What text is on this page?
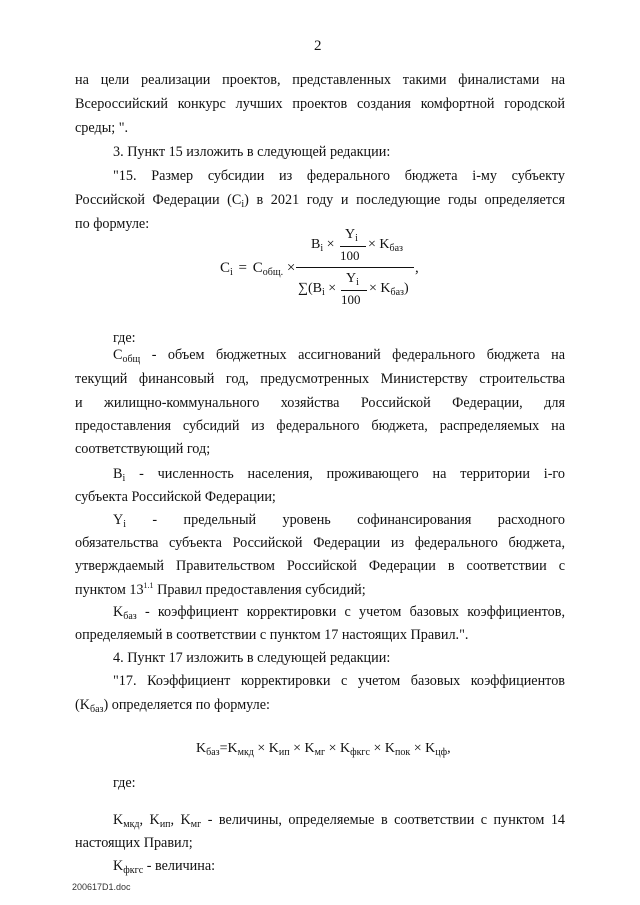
2
на цели реализации проектов, представленных такими финалистами на
Всероссийский конкурс лучших проектов создания комфортной городской
среды; ".
3. Пункт 15 изложить в следующей редакции:
"15. Размер субсидии из федерального бюджета i-му субъекту
Российской Федерации $(C_i)$ в 2021 году и последующие годы определяется
по формуле:
$C_i = C_{общ.}$ ×
$B_i$ ×
$Y_i$
100
× $K_{баз}$
,
$\sum(B_i$ ×
$Y_i$
100
× $K_{баз}$)
где:
$C_{общ}$ - объем бюджетных ассигнований федерального бюджета на
текущий финансовый год, предусмотренных Министерству строительства
и жилищно-коммунального хозяйства Российской Федерации, для
предоставления субсидий из федерального бюджета, распределяемых на
соответствующий год;
$B_i$ - численность населения, проживающего на территории i-го
субъекта Российской Федерации;
$Y_i$ - предельный уровень софинансирования расходного
обязательства субъекта Российской Федерации из федерального бюджета,
утверждаемый Правительством Российской Федерации в соответствии с
пунктом $13^{1.1}$ Правил предоставления субсидий;
$K_{баз}$ - коэффициент корректировки с учетом базовых коэффициентов,
определяемый в соответствии с пунктом 17 настоящих Правил.".
4. Пункт 17 изложить в следующей редакции:
"17. Коэффициент корректировки с учетом базовых коэффициентов
$(K_{баз})$ определяется по формуле:
$K_{баз}=K_{мкд} \times K_{ип} \times K_{мг} \times K_{фкгс} \times K_{пок} \times K_{цф}$,
где:
$K_{мкд}$, $K_{ип}$, $K_{мг}$ - величины, определяемые в соответствии с пунктом 14
настоящих Правил;
$K_{фкгс}$ - величина:
200617D1.doc
